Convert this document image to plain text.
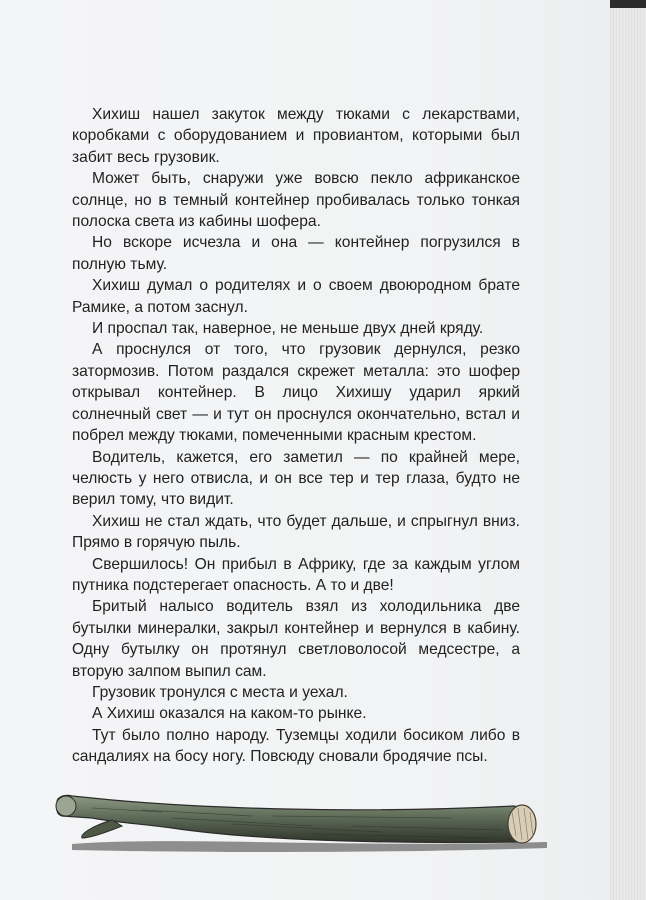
Хихиш нашел закуток между тюками с лекарствами, коробками с оборудованием и провиантом, которыми был забит весь грузовик.

Может быть, снаружи уже вовсю пекло африканское солнце, но в темный контейнер пробивалась только тонкая полоска света из кабины шофера.

Но вскоре исчезла и она — контейнер погрузился в полную тьму.

Хихиш думал о родителях и о своем двоюродном брате Рамике, а потом заснул.

И проспал так, наверное, не меньше двух дней кряду.

А проснулся от того, что грузовик дернулся, резко затормозив. Потом раздался скрежет металла: это шофер открывал контейнер. В лицо Хихишу ударил яркий солнечный свет — и тут он проснулся окончательно, встал и побрел между тюками, помеченными красным крестом.

Водитель, кажется, его заметил — по крайней мере, челюсть у него отвисла, и он все тер и тер глаза, будто не верил тому, что видит.

Хихиш не стал ждать, что будет дальше, и спрыгнул вниз. Прямо в горячую пыль.

Свершилось! Он прибыл в Африку, где за каждым углом путника подстерегает опасность. А то и две!

Бритый налысо водитель взял из холодильника две бутылки минералки, закрыл контейнер и вернулся в кабину. Одну бутылку он протянул светловолосой медсестре, а вторую залпом выпил сам.

Грузовик тронулся с места и уехал.

А Хихиш оказался на каком-то рынке.

Тут было полно народу. Туземцы ходили босиком либо в сандалиях на босу ногу. Повсюду сновали бродячие псы.
